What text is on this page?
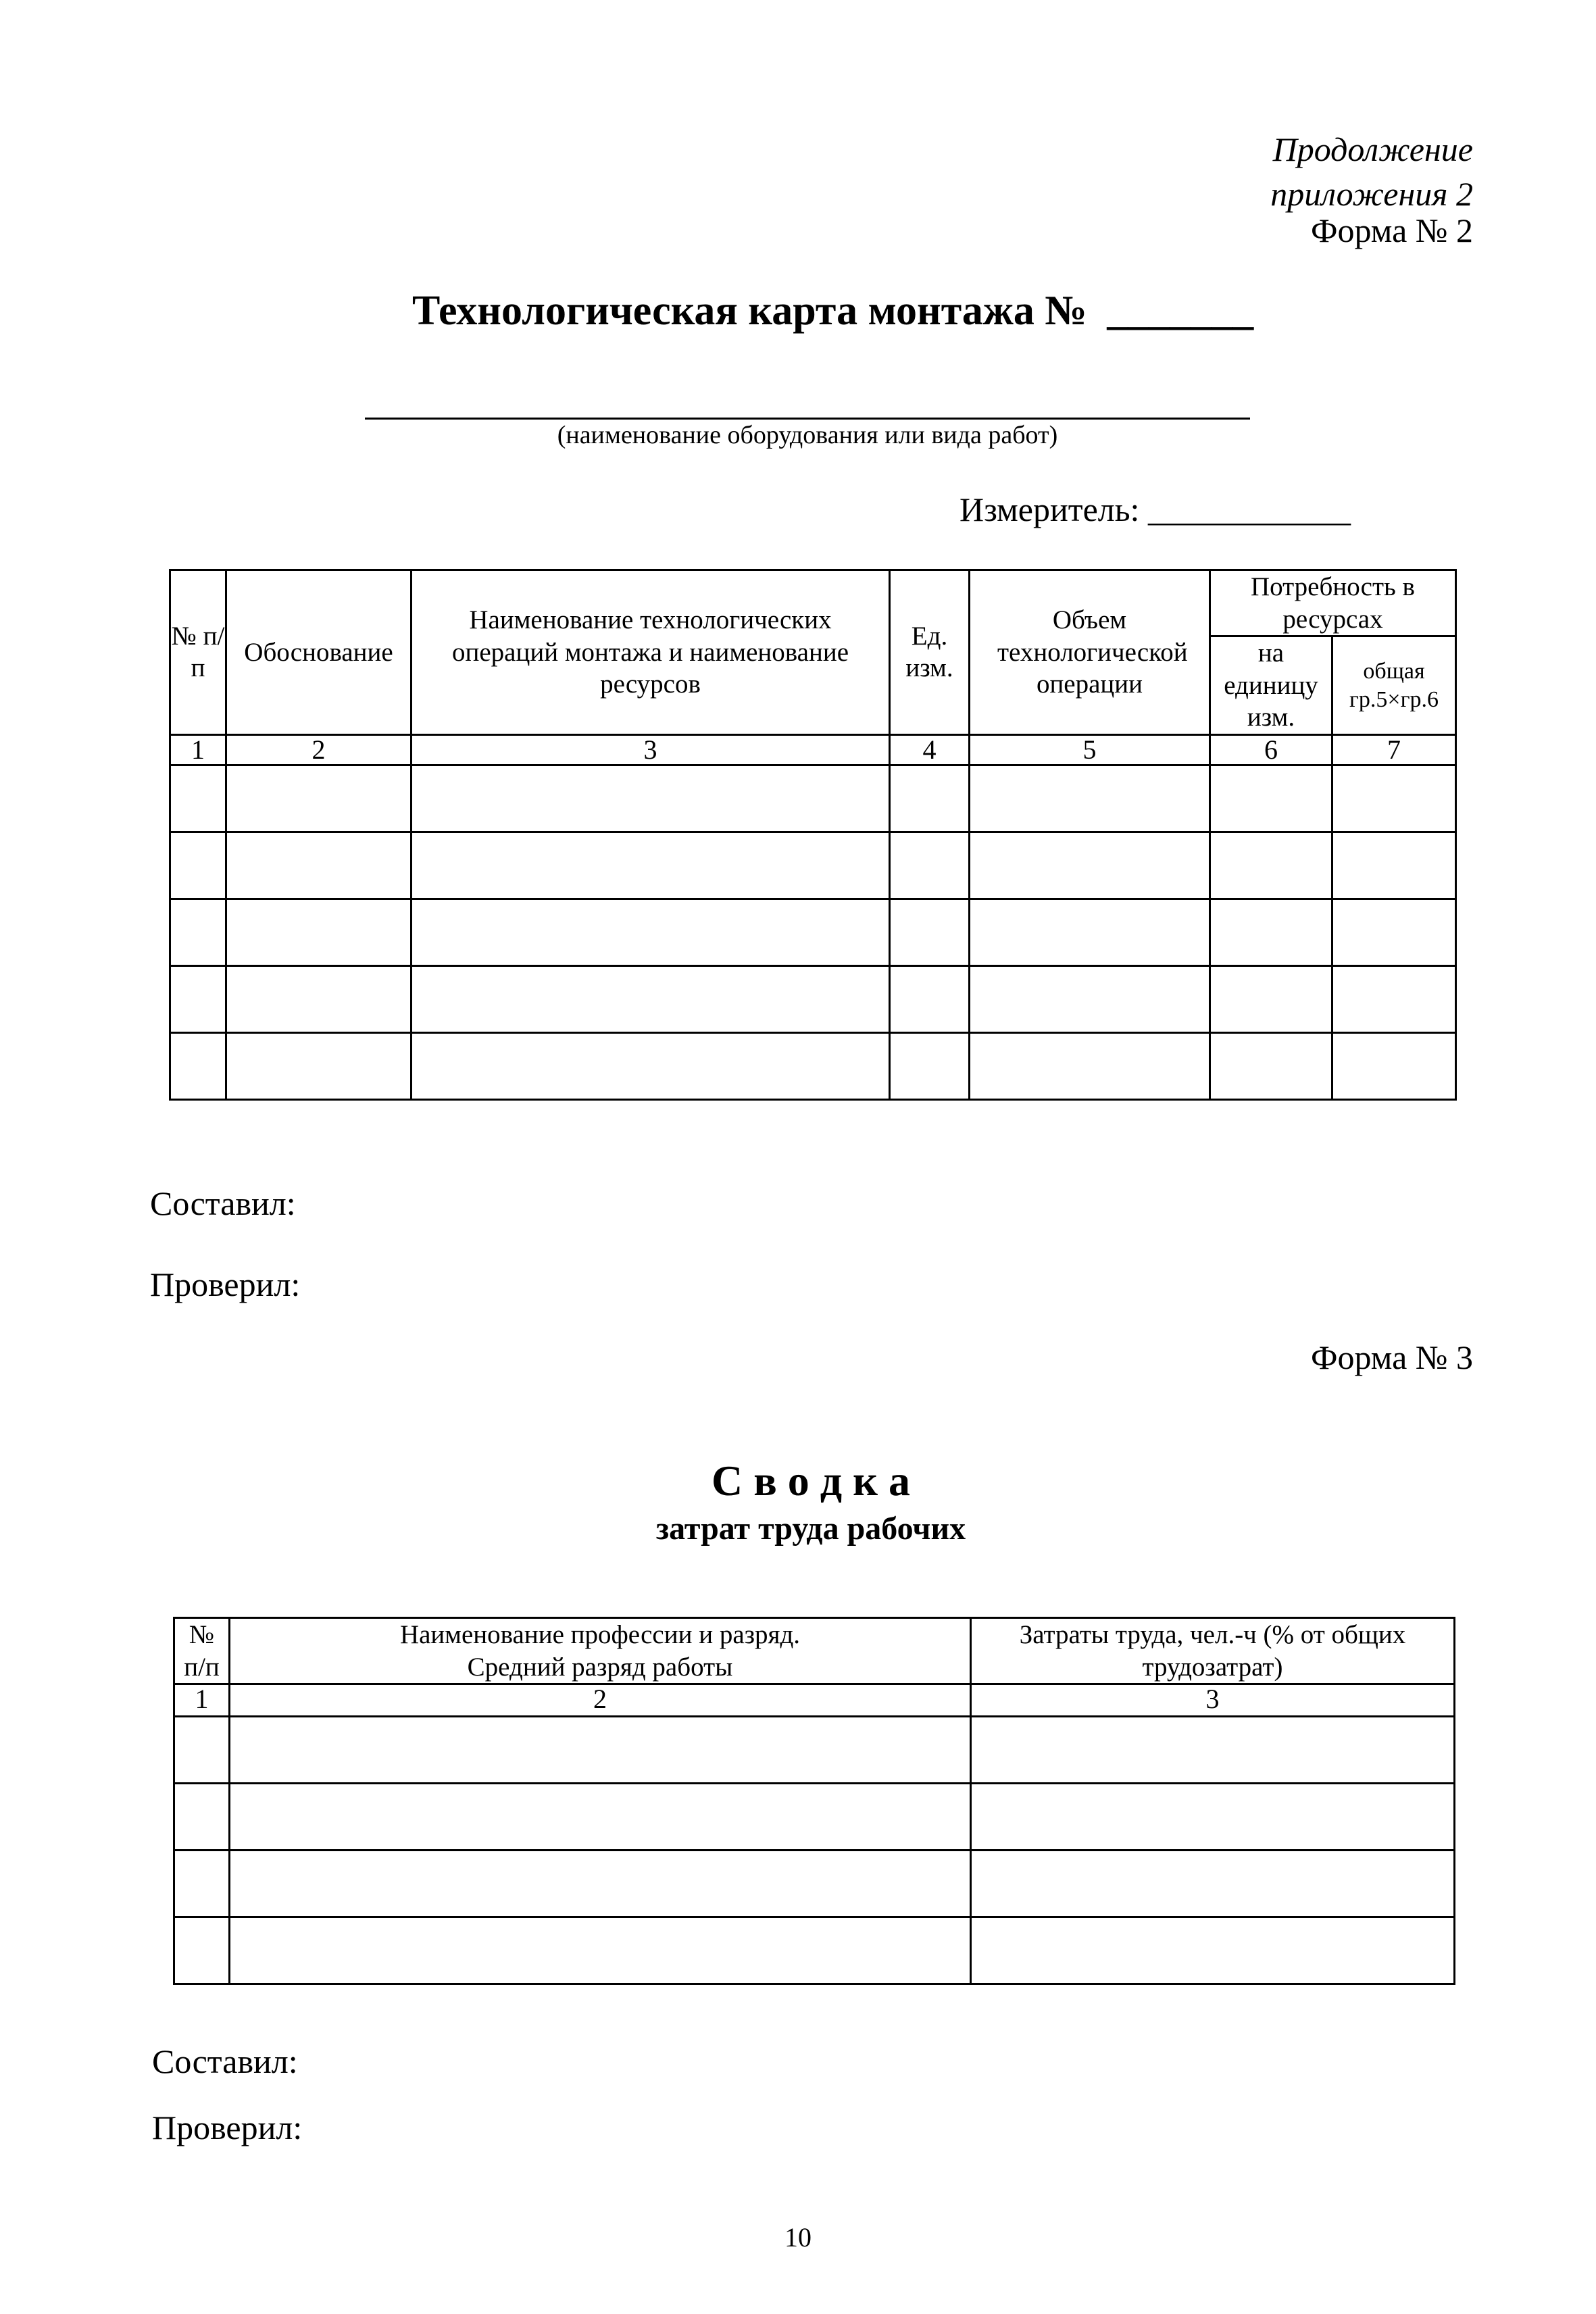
Продолжение
приложения 2
Форма № 2
Технологическая карта монтажа № _______
(наименование оборудования или вида работ)
Измеритель: ____________
№ п/п	Обоснование	Наименование технологических операций монтажа и наименование ресурсов	Ед. изм.	Объем технологической операции	Потребность в ресурсах	
					на единицу изм.	общая гр.5×гр.6
1	2	3	4	5	6	7

Составил:
Проверил:
Форма № 3
С в о д к а
затрат труда рабочих
№ п/п	Наименование профессии и разряд. Средний разряд работы	Затраты труда, чел.-ч (% от общих трудозатрат)
1	2	3

Составил:
Проверил:
10
